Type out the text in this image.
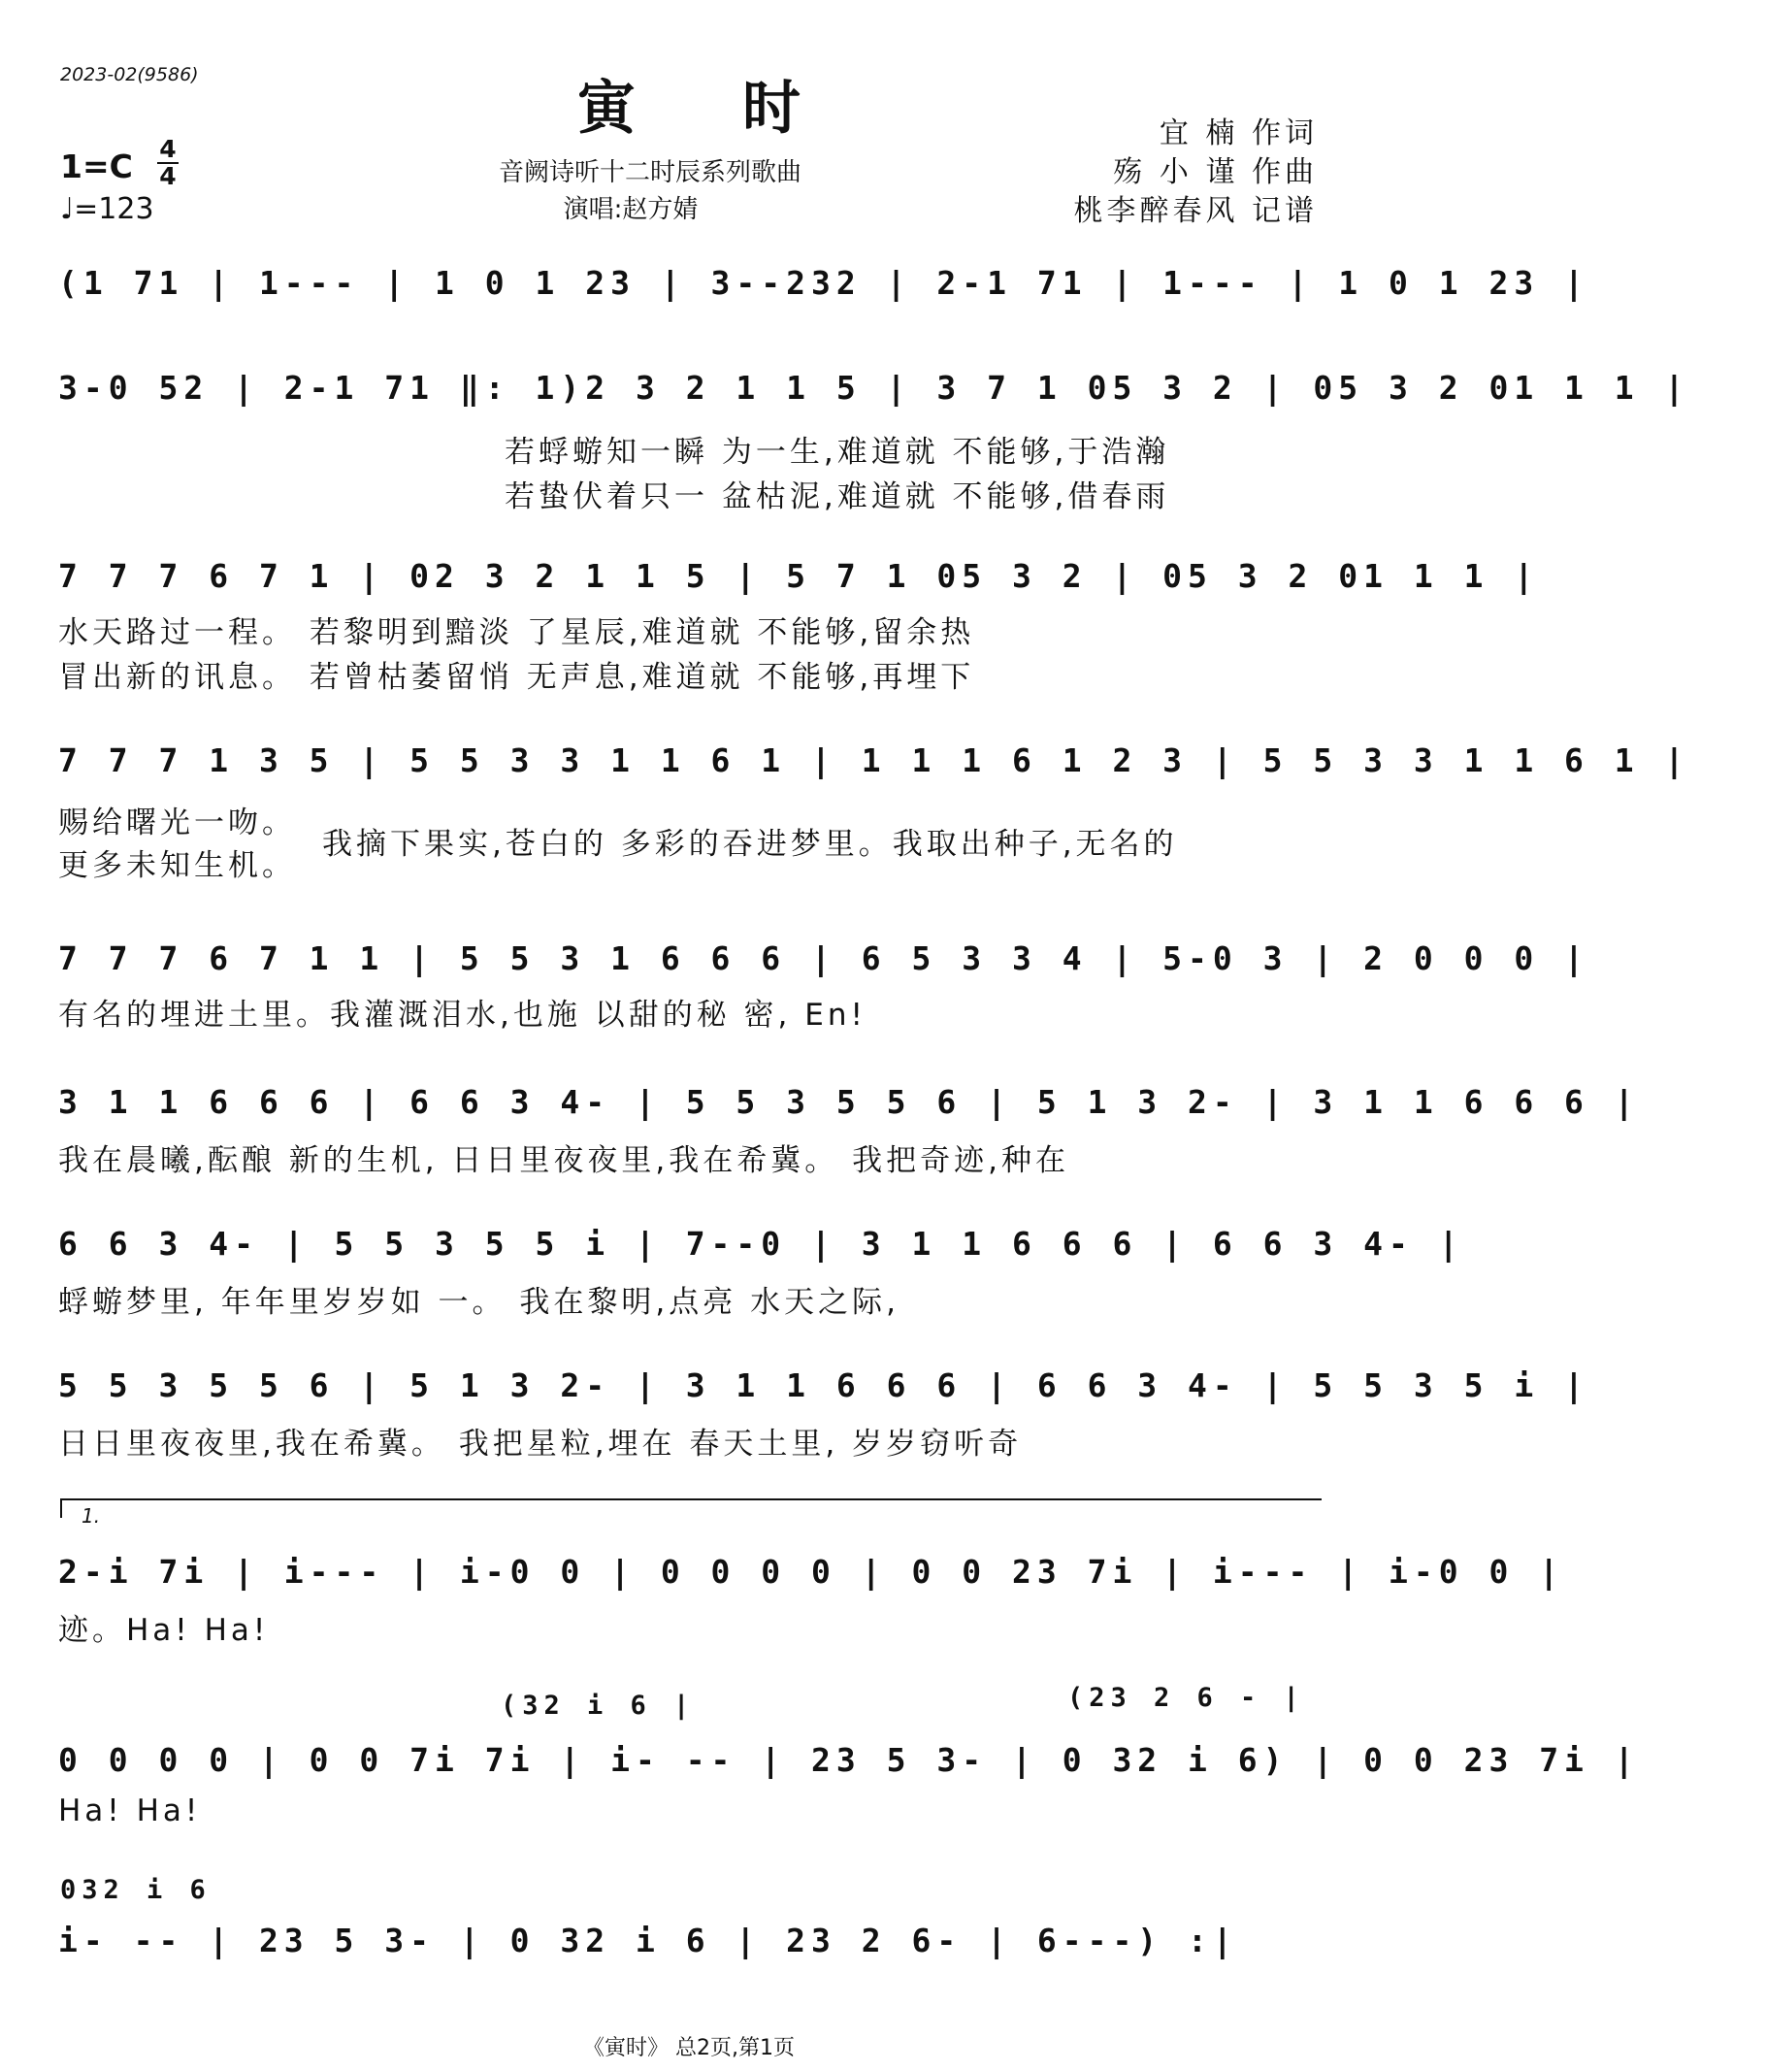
2023-02(9586)	寅时
音阙诗听十二时辰系列歌曲
演唱:赵方婧
宜 楠 作词
殇 小 谨 作曲
桃李醉春风 记谱
1=C 4
4
♩=123
(1 71 | 1--- | 1 0 1 23 | 3--232 | 2-1 71 | 1--- | 1 0 1 23 |
3-0 52 | 2-1 71 ‖: 1)2 3 2 1 1 5 | 3 7 1 05 3 2 | 05 3 2 01 1 1 |
若蜉蝣知一瞬 为一生,难道就 不能够,于浩瀚
若蛰伏着只一 盆枯泥,难道就 不能够,借春雨
7 7 7 6 7 1 | 02 3 2 1 1 5 | 5 7 1 05 3 2 | 05 3 2 01 1 1 |
水天路过一程。 若黎明到黯淡 了星辰,难道就 不能够,留余热
冒出新的讯息。 若曾枯萎留悄 无声息,难道就 不能够,再埋下
7 7 7 1 3 5 | 5 5 3 3 1 1 6 1 | 1 1 1 6 1 2 3 | 5 5 3 3 1 1 6 1 |
赐给曙光一吻。
更多未知生机。
我摘下果实,苍白的 多彩的吞进梦里。我取出种子,无名的
7 7 7 6 7 1 1 | 5 5 3 1 6 6 6 | 6 5 3 3 4 | 5-0 3 | 2 0 0 0 |
有名的埋进土里。我灌溉泪水,也施 以甜的秘 密, En!
3 1 1 6 6 6 | 6 6 3 4- | 5 5 3 5 5 6 | 5 1 3 2- | 3 1 1 6 6 6 |
我在晨曦,酝酿 新的生机, 日日里夜夜里,我在希冀。 我把奇迹,种在
6 6 3 4- | 5 5 3 5 5 i | 7--0 | 3 1 1 6 6 6 | 6 6 3 4- |
蜉蝣梦里, 年年里岁岁如 一。 我在黎明,点亮 水天之际,
5 5 3 5 5 6 | 5 1 3 2- | 3 1 1 6 6 6 | 6 6 3 4- | 5 5 3 5 i |
日日里夜夜里,我在希冀。 我把星粒,埋在 春天土里, 岁岁窃听奇
1.
2-i 7i | i--- | i-0 0 | 0 0 0 0 | 0 0 23 7i | i--- | i-0 0 |
迹。Ha! Ha!
(32 i 6 |	(23 2 6 - |
0 0 0 0 | 0 0 7i 7i | i- -- | 23 5 3- | 0 32 i 6) | 0 0 23 7i |
Ha! Ha!
032 i 6
i- -- | 23 5 3- | 0 32 i 6 | 23 2 6- | 6---) :|
《寅时》 总2页,第1页
